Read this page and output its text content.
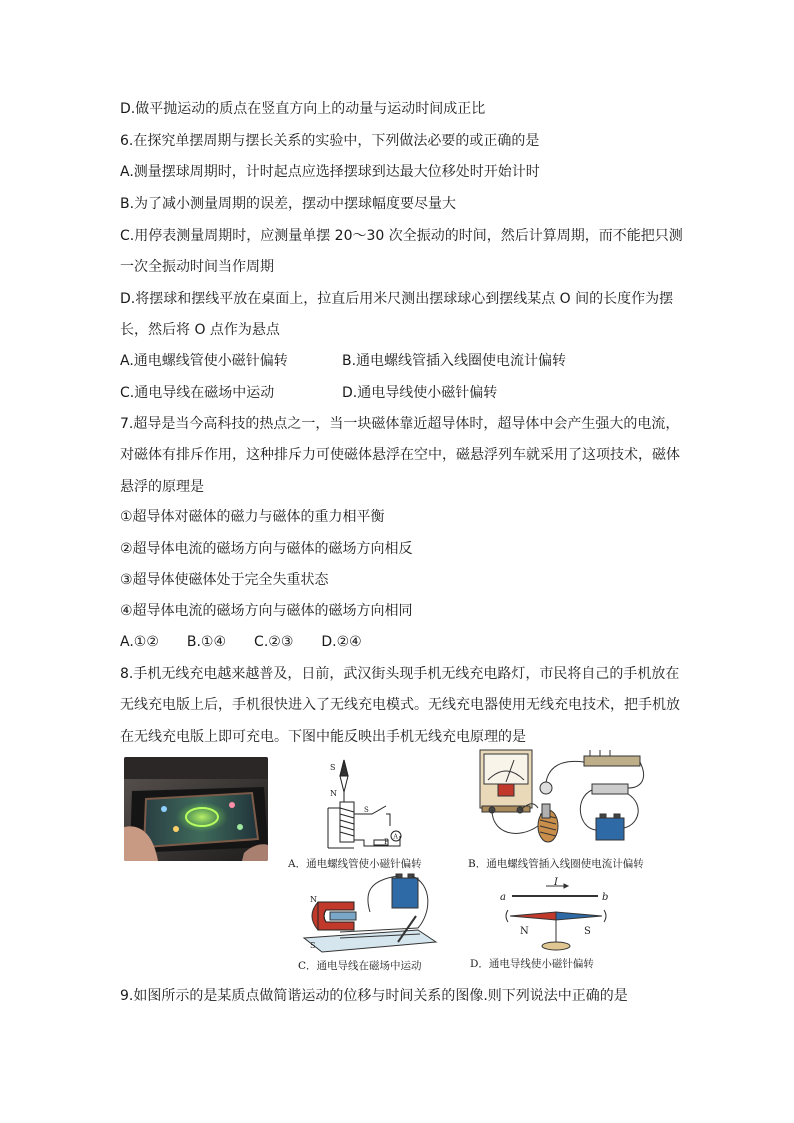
D.做平抛运动的质点在竖直方向上的动量与运动时间成正比
6.在探究单摆周期与摆长关系的实验中，下列做法必要的或正确的是
A.测量摆球周期时，计时起点应选择摆球到达最大位移处时开始计时
B.为了减小测量周期的误差，摆动中摆球幅度要尽量大
C.用停表测量周期时，应测量单摆 20～30 次全振动的时间，然后计算周期，而不能把只测
一次全振动时间当作周期
D.将摆球和摆线平放在桌面上，拉直后用米尺测出摆球球心到摆线某点 O 间的长度作为摆
长，然后将 O 点作为悬点
A.通电螺线管使小磁针偏转	B.通电螺线管插入线圈使电流计偏转
C.通电导线在磁场中运动	D.通电导线使小磁针偏转
7.超导是当今高科技的热点之一，当一块磁体靠近超导体时，超导体中会产生强大的电流，
对磁体有排斥作用，这种排斥力可使磁体悬浮在空中，磁悬浮列车就采用了这项技术，磁体
悬浮的原理是
①超导体对磁体的磁力与磁体的重力相平衡
②超导体电流的磁场方向与磁体的磁场方向相反
③超导体使磁体处于完全失重状态
④超导体电流的磁场方向与磁体的磁场方向相同
A.①②　　B.①④　　C.②③　　D.②④
8.手机无线充电越来越普及，日前，武汉街头现手机无线充电路灯，市民将自己的手机放在
无线充电版上后，手机很快进入了无线充电模式。无线充电器使用无线充电技术，把手机放
在无线充电版上即可充电。下图中能反映出手机无线充电原理的是
S
N
S
P
A
A．通电螺线管使小磁针偏转	B．通电螺线管插入线圈使电流计偏转
N
S
C．通电导线在磁场中运动
a	b
I
N	S
D．通电导线使小磁针偏转
9.如图所示的是某质点做简谐运动的位移与时间关系的图像.则下列说法中正确的是
